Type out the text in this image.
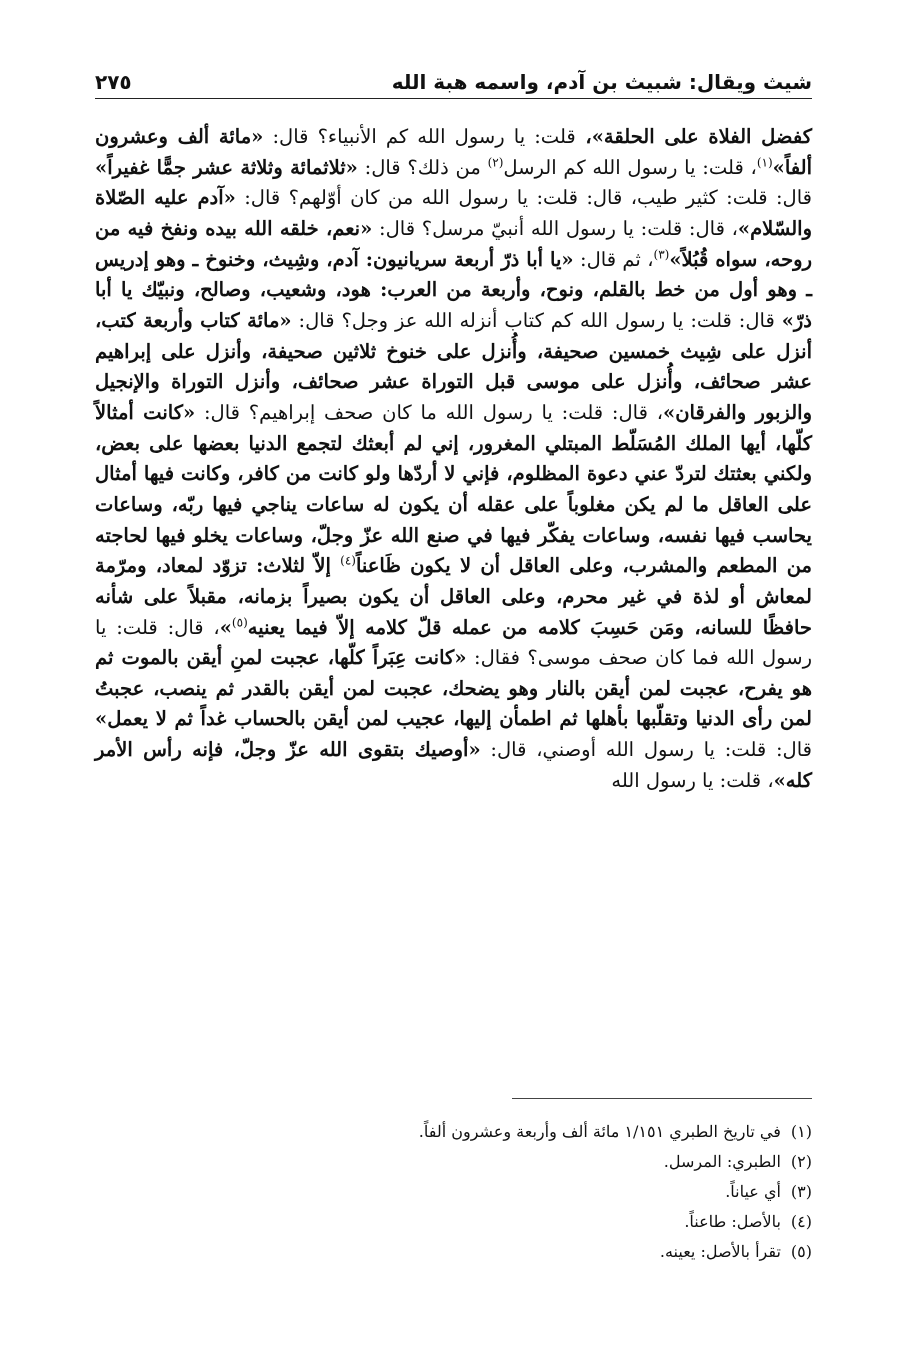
شيث ويقال: شبيث بن آدم، واسمه هبة الله
٢٧٥

كفضل الفلاة على الحلقة»، قلت: يا رسول الله كم الأنبياء؟ قال: «مائة ألف وعشرون ألفاً»$^{(١)}$، قلت: يا رسول الله كم الرسل$^{(٢)}$ من ذلك؟ قال: «ثلاثمائة وثلاثة عشر جمًّا غفيراً» قال: قلت: كثير طيب، قال: قلت: يا رسول الله من كان أوّلهم؟ قال: «آدم عليه الصّلاة والسّلام»، قال: قلت: يا رسول الله أنبيّ مرسل؟ قال: «نعم، خلقه الله بيده ونفخ فيه من روحه، سواه قُبُلاً»$^{(٣)}$، ثم قال: «يا أبا ذرّ أربعة سريانيون: آدم، وشِيث، وخنوخ ـ وهو إدريس ـ وهو أول من خط بالقلم، ونوح، وأربعة من العرب: هود، وشعيب، وصالح، ونبيّك يا أبا ذرّ» قال: قلت: يا رسول الله كم كتاب أنزله الله عز وجل؟ قال: «مائة كتاب وأربعة كتب، أنزل على شِيث خمسين صحيفة، وأُنزل على خنوخ ثلاثين صحيفة، وأنزل على إبراهيم عشر صحائف، وأُنزل على موسى قبل التوراة عشر صحائف، وأنزل التوراة والإنجيل والزبور والفرقان»، قال: قلت: يا رسول الله ما كان صحف إبراهيم؟ قال: «كانت أمثالاً كلّها، أيها الملك المُسَلّط المبتلي المغرور، إني لم أبعثك لتجمع الدنيا بعضها على بعض، ولكني بعثتك لتردّ عني دعوة المظلوم، فإني لا أردّها ولو كانت من كافر، وكانت فيها أمثال على العاقل ما لم يكن مغلوباً على عقله أن يكون له ساعات يناجي فيها ربّه، وساعات يحاسب فيها نفسه، وساعات يفكّر فيها في صنع الله عزّ وجلّ، وساعات يخلو فيها لحاجته من المطعم والمشرب، وعلى العاقل أن لا يكون ظَاعناً$^{(٤)}$ إلاّ لثلاث: تزوّد لمعاد، ومرّمة لمعاش أو لذة في غير محرم، وعلى العاقل أن يكون بصيراً بزمانه، مقبلاً على شأنه حافظًا للسانه، ومَن حَسِبَ كلامه من عمله قلّ كلامه إلاّ فيما يعنيه$^{(٥)}$»، قال: قلت: يا رسول الله فما كان صحف موسى؟ فقال: «كانت عِبَراً كلّها، عجبت لمنِ أيقن بالموت ثم هو يفرح، عجبت لمن أيقن بالنار وهو يضحك، عجبت لمن أيقن بالقدر ثم ينصب، عجبتُ لمن رأى الدنيا وتقلّبها بأهلها ثم اطمأن إليها، عجيب لمن أيقن بالحساب غداً ثم لا يعمل» قال: قلت: يا رسول الله أوصني، قال: «أوصيك بتقوى الله عزّ وجلّ، فإنه رأس الأمر كله»، قلت: يا رسول الله

(١)في تاريخ الطبري ١/١٥١ مائة ألف وأربعة وعشرون ألفاً.
(٢)الطبري: المرسل.
(٣)أي عياناً.
(٤)بالأصل: طاعناً.
(٥)تقرأ بالأصل: يعينه.
